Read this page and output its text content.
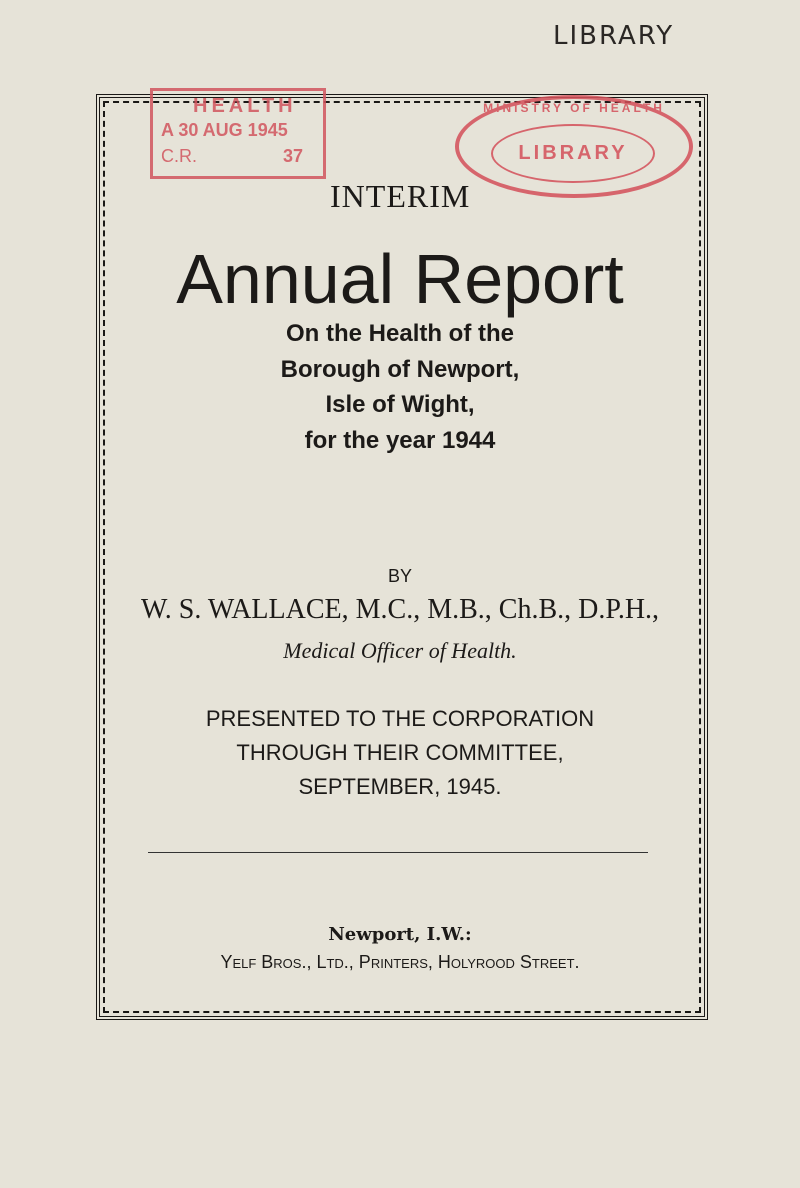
LIBRARY
HEALTH
A 30 AUG 1945
37
C.R.
MINISTRY OF HEALTH
LIBRARY
INTERIM
Annual Report
On the Health of the
Borough of Newport,
Isle of Wight,
for the year 1944
BY
W. S. WALLACE, M.C., M.B., Ch.B., D.P.H.,
Medical Officer of Health.
PRESENTED TO THE CORPORATION
THROUGH THEIR COMMITTEE,
SEPTEMBER, 1945.
Newport, I.W.:
Yelf Bros., Ltd., Printers, Holyrood Street.
